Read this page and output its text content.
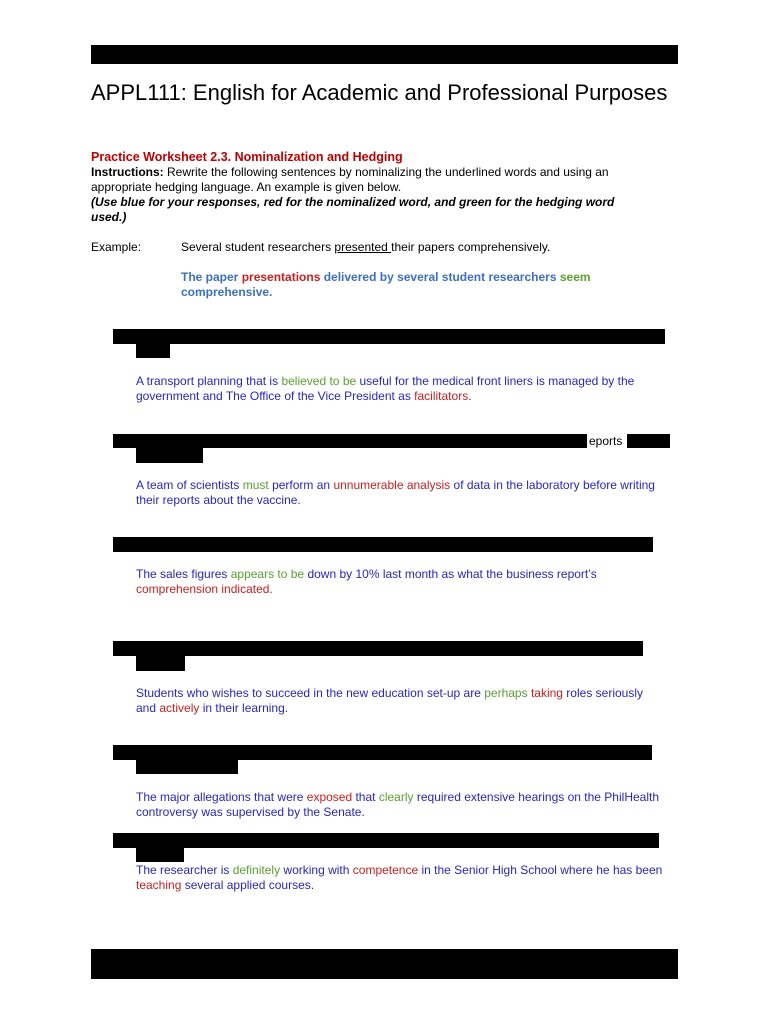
APPL111: English for Academic and Professional Purposes
Practice Worksheet 2.3. Nominalization and Hedging
Instructions: Rewrite the following sentences by nominalizing the underlined words and using an appropriate hedging language. An example is given below.
(Use blue for your responses, red for the nominalized word, and green for the hedging word used.)
Example:	Several student researchers presented their papers comprehensively.
The paper presentations delivered by several student researchers seem comprehensive.
A transport planning that is believed to be useful for the medical front liners is managed by the government and The Office of the Vice President as facilitators.
eports
A team of scientists must perform an unnumerable analysis of data in the laboratory before writing their reports about the vaccine.
The sales figures appears to be down by 10% last month as what the business report’s comprehension indicated.
Students who wishes to succeed in the new education set-up are perhaps taking roles seriously and actively in their learning.
The major allegations that were exposed that clearly required extensive hearings on the PhilHealth controversy was supervised by the Senate.
The researcher is definitely working with competence in the Senior High School where he has been teaching several applied courses.
